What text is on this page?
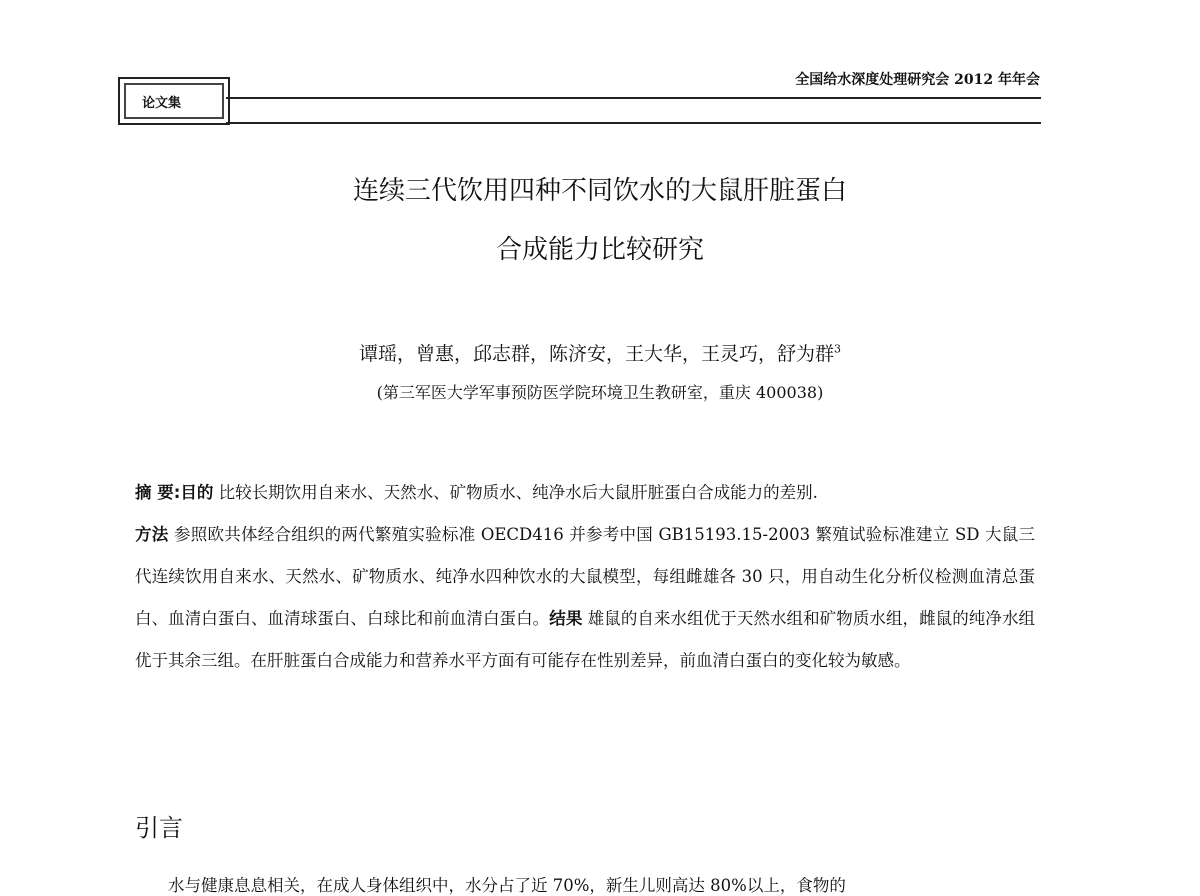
论文集
全国给水深度处理研究会 2012 年年会
连续三代饮用四种不同饮水的大鼠肝脏蛋白
合成能力比较研究
谭瑶，曾惠，邱志群，陈济安，王大华，王灵巧，舒为群$^3$
(第三军医大学军事预防医学院环境卫生教研室，重庆 400038)
摘 要:目的 比较长期饮用自来水、天然水、矿物质水、纯净水后大鼠肝脏蛋白合成能力的差别.
方法 参照欧共体经合组织的两代繁殖实验标准 OECD416 并参考中国 GB15193.15-2003 繁殖试验标准建立 SD 大鼠三代连续饮用自来水、天然水、矿物质水、纯净水四种饮水的大鼠模型，每组雌雄各 30 只，用自动生化分析仪检测血清总蛋白、血清白蛋白、血清球蛋白、白球比和前血清白蛋白。结果 雄鼠的自来水组优于天然水组和矿物质水组，雌鼠的纯净水组优于其余三组。在肝脏蛋白合成能力和营养水平方面有可能存在性别差异，前血清白蛋白的变化较为敏感。
引言
水与健康息息相关，在成人身体组织中，水分占了近 70%，新生儿则高达 80%以上，食物的
